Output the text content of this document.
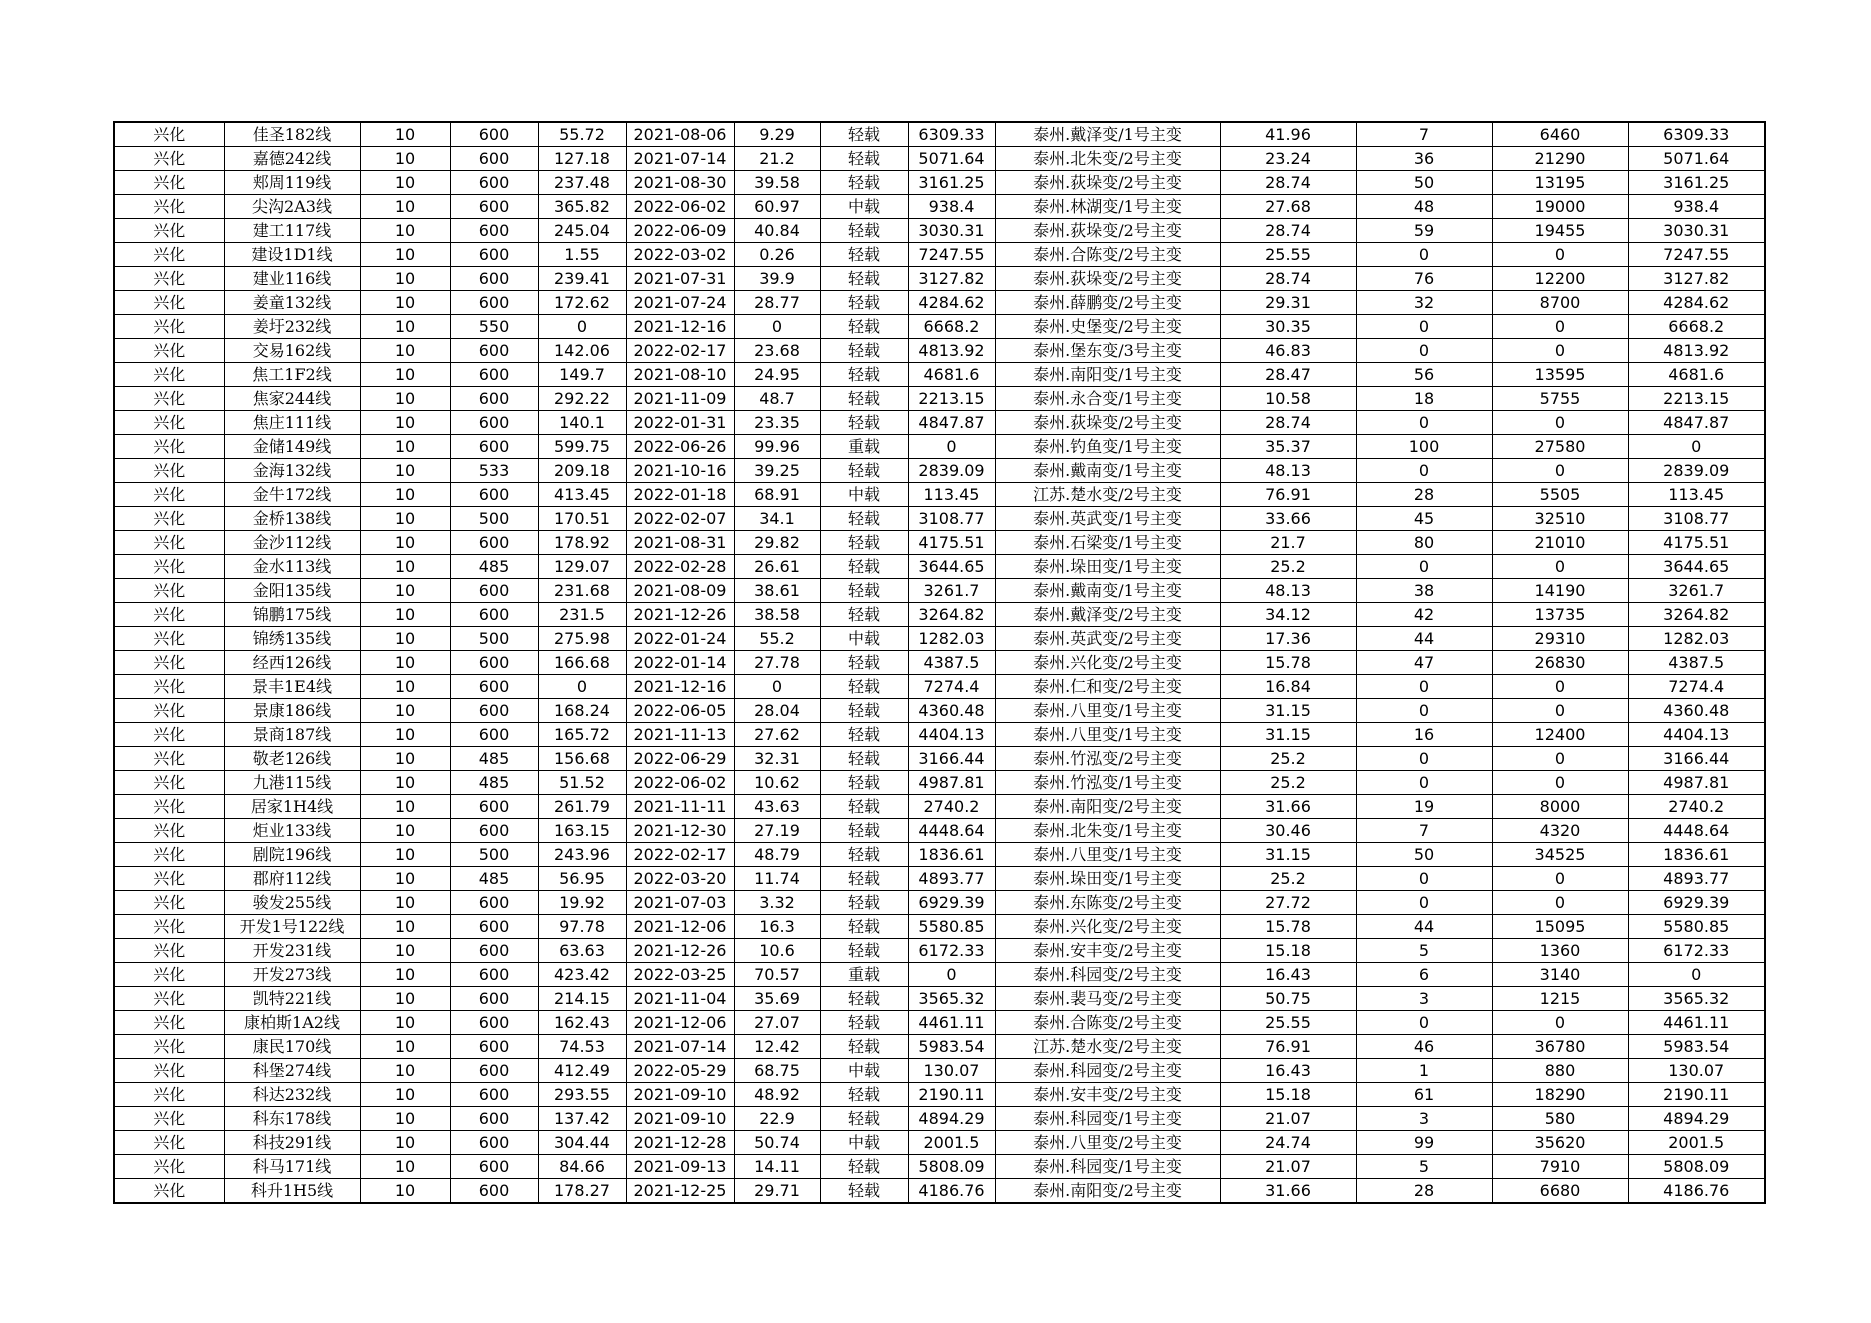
兴化	佳圣182线	10	600	55.72	2021-08-06	9.29	轻载	6309.33	泰州.戴泽变/1号主变	41.96	7	6460	6309.33
兴化	嘉德242线	10	600	127.18	2021-07-14	21.2	轻载	5071.64	泰州.北朱变/2号主变	23.24	36	21290	5071.64
兴化	郏周119线	10	600	237.48	2021-08-30	39.58	轻载	3161.25	泰州.荻垛变/2号主变	28.74	50	13195	3161.25
兴化	尖沟2A3线	10	600	365.82	2022-06-02	60.97	中载	938.4	泰州.林湖变/1号主变	27.68	48	19000	938.4
兴化	建工117线	10	600	245.04	2022-06-09	40.84	轻载	3030.31	泰州.荻垛变/2号主变	28.74	59	19455	3030.31
兴化	建设1D1线	10	600	1.55	2022-03-02	0.26	轻载	7247.55	泰州.合陈变/2号主变	25.55	0	0	7247.55
兴化	建业116线	10	600	239.41	2021-07-31	39.9	轻载	3127.82	泰州.荻垛变/2号主变	28.74	76	12200	3127.82
兴化	姜童132线	10	600	172.62	2021-07-24	28.77	轻载	4284.62	泰州.薛鹏变/2号主变	29.31	32	8700	4284.62
兴化	姜圩232线	10	550	0	2021-12-16	0	轻载	6668.2	泰州.史堡变/2号主变	30.35	0	0	6668.2
兴化	交易162线	10	600	142.06	2022-02-17	23.68	轻载	4813.92	泰州.堡东变/3号主变	46.83	0	0	4813.92
兴化	焦工1F2线	10	600	149.7	2021-08-10	24.95	轻载	4681.6	泰州.南阳变/1号主变	28.47	56	13595	4681.6
兴化	焦家244线	10	600	292.22	2021-11-09	48.7	轻载	2213.15	泰州.永合变/1号主变	10.58	18	5755	2213.15
兴化	焦庄111线	10	600	140.1	2022-01-31	23.35	轻载	4847.87	泰州.荻垛变/2号主变	28.74	0	0	4847.87
兴化	金储149线	10	600	599.75	2022-06-26	99.96	重载	0	泰州.钓鱼变/1号主变	35.37	100	27580	0
兴化	金海132线	10	533	209.18	2021-10-16	39.25	轻载	2839.09	泰州.戴南变/1号主变	48.13	0	0	2839.09
兴化	金牛172线	10	600	413.45	2022-01-18	68.91	中载	113.45	江苏.楚水变/2号主变	76.91	28	5505	113.45
兴化	金桥138线	10	500	170.51	2022-02-07	34.1	轻载	3108.77	泰州.英武变/1号主变	33.66	45	32510	3108.77
兴化	金沙112线	10	600	178.92	2021-08-31	29.82	轻载	4175.51	泰州.石梁变/1号主变	21.7	80	21010	4175.51
兴化	金水113线	10	485	129.07	2022-02-28	26.61	轻载	3644.65	泰州.垛田变/1号主变	25.2	0	0	3644.65
兴化	金阳135线	10	600	231.68	2021-08-09	38.61	轻载	3261.7	泰州.戴南变/1号主变	48.13	38	14190	3261.7
兴化	锦鹏175线	10	600	231.5	2021-12-26	38.58	轻载	3264.82	泰州.戴泽变/2号主变	34.12	42	13735	3264.82
兴化	锦绣135线	10	500	275.98	2022-01-24	55.2	中载	1282.03	泰州.英武变/2号主变	17.36	44	29310	1282.03
兴化	经西126线	10	600	166.68	2022-01-14	27.78	轻载	4387.5	泰州.兴化变/2号主变	15.78	47	26830	4387.5
兴化	景丰1E4线	10	600	0	2021-12-16	0	轻载	7274.4	泰州.仁和变/2号主变	16.84	0	0	7274.4
兴化	景康186线	10	600	168.24	2022-06-05	28.04	轻载	4360.48	泰州.八里变/1号主变	31.15	0	0	4360.48
兴化	景商187线	10	600	165.72	2021-11-13	27.62	轻载	4404.13	泰州.八里变/1号主变	31.15	16	12400	4404.13
兴化	敬老126线	10	485	156.68	2022-06-29	32.31	轻载	3166.44	泰州.竹泓变/2号主变	25.2	0	0	3166.44
兴化	九港115线	10	485	51.52	2022-06-02	10.62	轻载	4987.81	泰州.竹泓变/1号主变	25.2	0	0	4987.81
兴化	居家1H4线	10	600	261.79	2021-11-11	43.63	轻载	2740.2	泰州.南阳变/2号主变	31.66	19	8000	2740.2
兴化	炬业133线	10	600	163.15	2021-12-30	27.19	轻载	4448.64	泰州.北朱变/1号主变	30.46	7	4320	4448.64
兴化	剧院196线	10	500	243.96	2022-02-17	48.79	轻载	1836.61	泰州.八里变/1号主变	31.15	50	34525	1836.61
兴化	郡府112线	10	485	56.95	2022-03-20	11.74	轻载	4893.77	泰州.垛田变/1号主变	25.2	0	0	4893.77
兴化	骏发255线	10	600	19.92	2021-07-03	3.32	轻载	6929.39	泰州.东陈变/2号主变	27.72	0	0	6929.39
兴化	开发1号122线	10	600	97.78	2021-12-06	16.3	轻载	5580.85	泰州.兴化变/2号主变	15.78	44	15095	5580.85
兴化	开发231线	10	600	63.63	2021-12-26	10.6	轻载	6172.33	泰州.安丰变/2号主变	15.18	5	1360	6172.33
兴化	开发273线	10	600	423.42	2022-03-25	70.57	重载	0	泰州.科园变/2号主变	16.43	6	3140	0
兴化	凯特221线	10	600	214.15	2021-11-04	35.69	轻载	3565.32	泰州.裴马变/2号主变	50.75	3	1215	3565.32
兴化	康柏斯1A2线	10	600	162.43	2021-12-06	27.07	轻载	4461.11	泰州.合陈变/2号主变	25.55	0	0	4461.11
兴化	康民170线	10	600	74.53	2021-07-14	12.42	轻载	5983.54	江苏.楚水变/2号主变	76.91	46	36780	5983.54
兴化	科堡274线	10	600	412.49	2022-05-29	68.75	中载	130.07	泰州.科园变/2号主变	16.43	1	880	130.07
兴化	科达232线	10	600	293.55	2021-09-10	48.92	轻载	2190.11	泰州.安丰变/2号主变	15.18	61	18290	2190.11
兴化	科东178线	10	600	137.42	2021-09-10	22.9	轻载	4894.29	泰州.科园变/1号主变	21.07	3	580	4894.29
兴化	科技291线	10	600	304.44	2021-12-28	50.74	中载	2001.5	泰州.八里变/2号主变	24.74	99	35620	2001.5
兴化	科马171线	10	600	84.66	2021-09-13	14.11	轻载	5808.09	泰州.科园变/1号主变	21.07	5	7910	5808.09
兴化	科升1H5线	10	600	178.27	2021-12-25	29.71	轻载	4186.76	泰州.南阳变/2号主变	31.66	28	6680	4186.76
